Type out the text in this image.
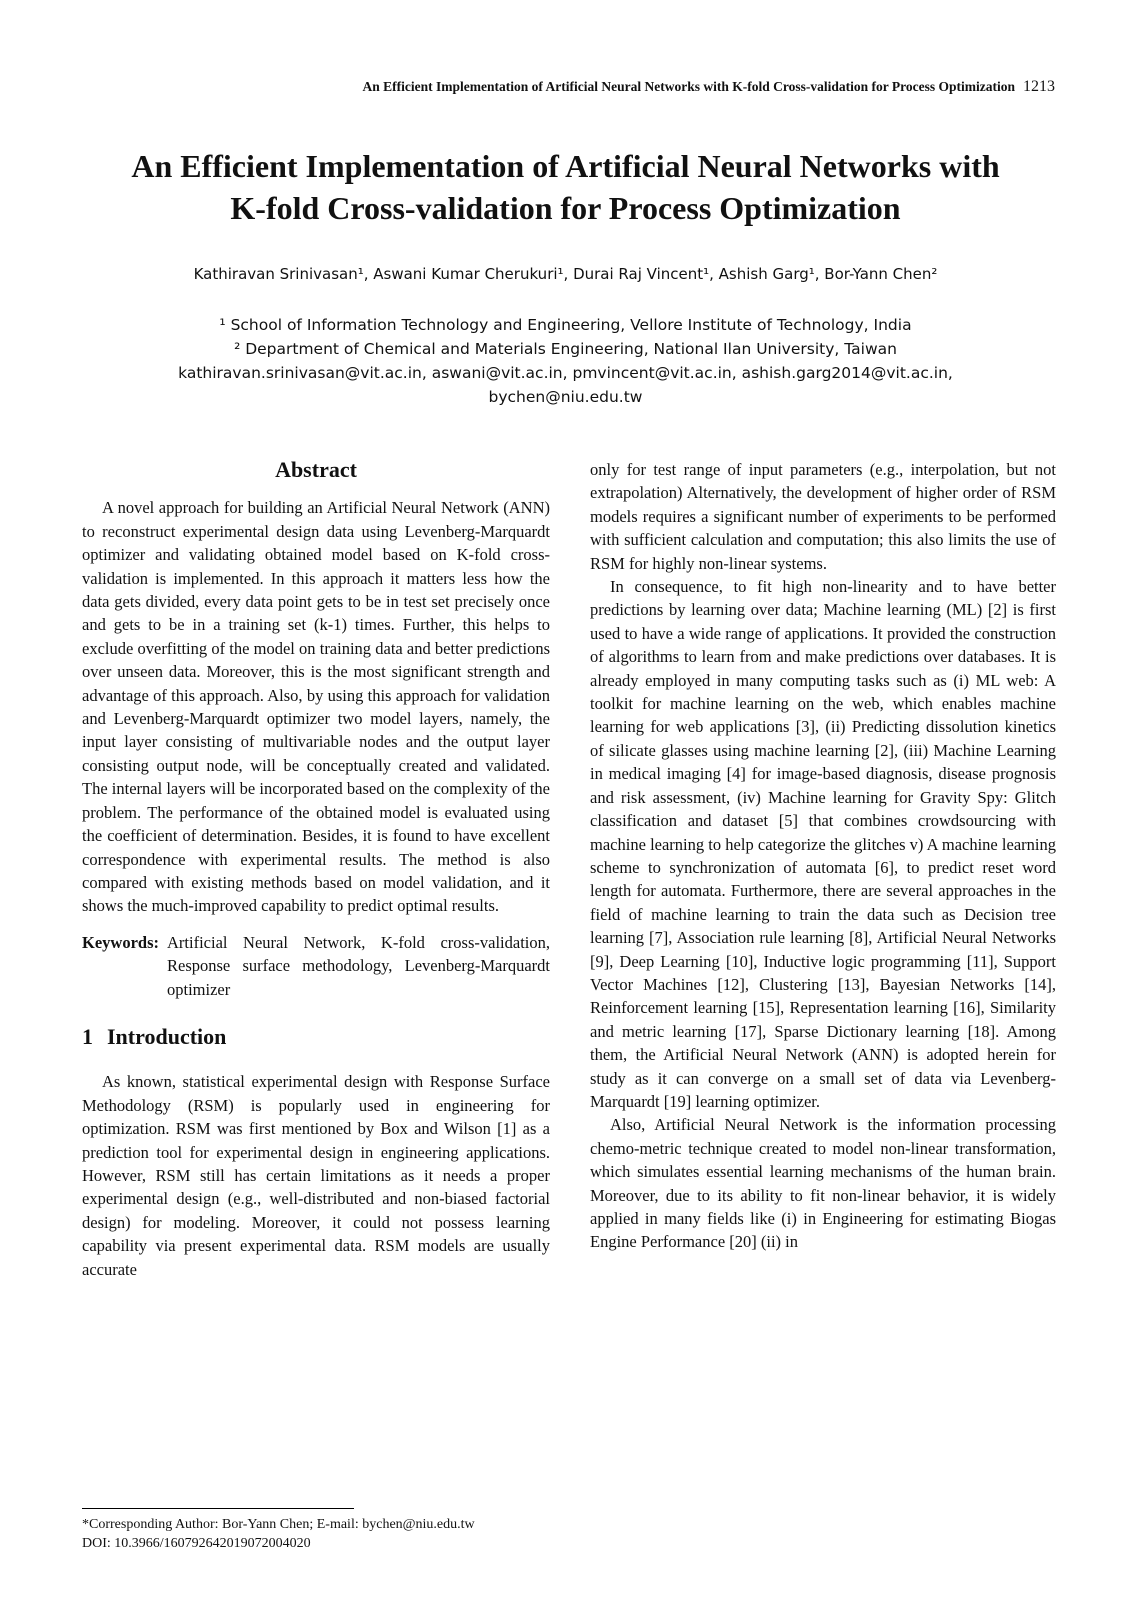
An Efficient Implementation of Artificial Neural Networks with K-fold Cross-validation for Process Optimization 1213
An Efficient Implementation of Artificial Neural Networks with
K-fold Cross-validation for Process Optimization
Kathiravan Srinivasan¹, Aswani Kumar Cherukuri¹, Durai Raj Vincent¹, Ashish Garg¹, Bor-Yann Chen²
¹ School of Information Technology and Engineering, Vellore Institute of Technology, India
² Department of Chemical and Materials Engineering, National Ilan University, Taiwan
kathiravan.srinivasan@vit.ac.in, aswani@vit.ac.in, pmvincent@vit.ac.in, ashish.garg2014@vit.ac.in,
bychen@niu.edu.tw
Abstract

A novel approach for building an Artificial Neural Network (ANN) to reconstruct experimental design data using Levenberg-Marquardt optimizer and validating obtained model based on K-fold cross-validation is implemented. In this approach it matters less how the data gets divided, every data point gets to be in test set precisely once and gets to be in a training set (k-1) times. Further, this helps to exclude overfitting of the model on training data and better predictions over unseen data. Moreover, this is the most significant strength and advantage of this approach. Also, by using this approach for validation and Levenberg-Marquardt optimizer two model layers, namely, the input layer consisting of multivariable nodes and the output layer consisting output node, will be conceptually created and validated. The internal layers will be incorporated based on the complexity of the problem. The performance of the obtained model is evaluated using the coefficient of determination. Besides, it is found to have excellent correspondence with experimental results. The method is also compared with existing methods based on model validation, and it shows the much-improved capability to predict optimal results.

Keywords: Artificial Neural Network, K-fold cross-validation, Response surface methodology, Levenberg-Marquardt optimizer
1 Introduction

As known, statistical experimental design with Response Surface Methodology (RSM) is popularly used in engineering for optimization. RSM was first mentioned by Box and Wilson [1] as a prediction tool for experimental design in engineering applications. However, RSM still has certain limitations as it needs a proper experimental design (e.g., well-distributed and non-biased factorial design) for modeling. Moreover, it could not possess learning capability via present experimental data. RSM models are usually accurate

only for test range of input parameters (e.g., interpolation, but not extrapolation) Alternatively, the development of higher order of RSM models requires a significant number of experiments to be performed with sufficient calculation and computation; this also limits the use of RSM for highly non-linear systems.

In consequence, to fit high non-linearity and to have better predictions by learning over data; Machine learning (ML) [2] is first used to have a wide range of applications. It provided the construction of algorithms to learn from and make predictions over databases. It is already employed in many computing tasks such as (i) ML web: A toolkit for machine learning on the web, which enables machine learning for web applications [3], (ii) Predicting dissolution kinetics of silicate glasses using machine learning [2], (iii) Machine Learning in medical imaging [4] for image-based diagnosis, disease prognosis and risk assessment, (iv) Machine learning for Gravity Spy: Glitch classification and dataset [5] that combines crowdsourcing with machine learning to help categorize the glitches v) A machine learning scheme to synchronization of automata [6], to predict reset word length for automata. Furthermore, there are several approaches in the field of machine learning to train the data such as Decision tree learning [7], Association rule learning [8], Artificial Neural Networks [9], Deep Learning [10], Inductive logic programming [11], Support Vector Machines [12], Clustering [13], Bayesian Networks [14], Reinforcement learning [15], Representation learning [16], Similarity and metric learning [17], Sparse Dictionary learning [18]. Among them, the Artificial Neural Network (ANN) is adopted herein for study as it can converge on a small set of data via Levenberg-Marquardt [19] learning optimizer.

Also, Artificial Neural Network is the information processing chemo-metric technique created to model non-linear transformation, which simulates essential learning mechanisms of the human brain. Moreover, due to its ability to fit non-linear behavior, it is widely applied in many fields like (i) in Engineering for estimating Biogas Engine Performance [20] (ii) in

*Corresponding Author: Bor-Yann Chen; E-mail: bychen@niu.edu.tw
DOI: 10.3966/160792642019072004020
